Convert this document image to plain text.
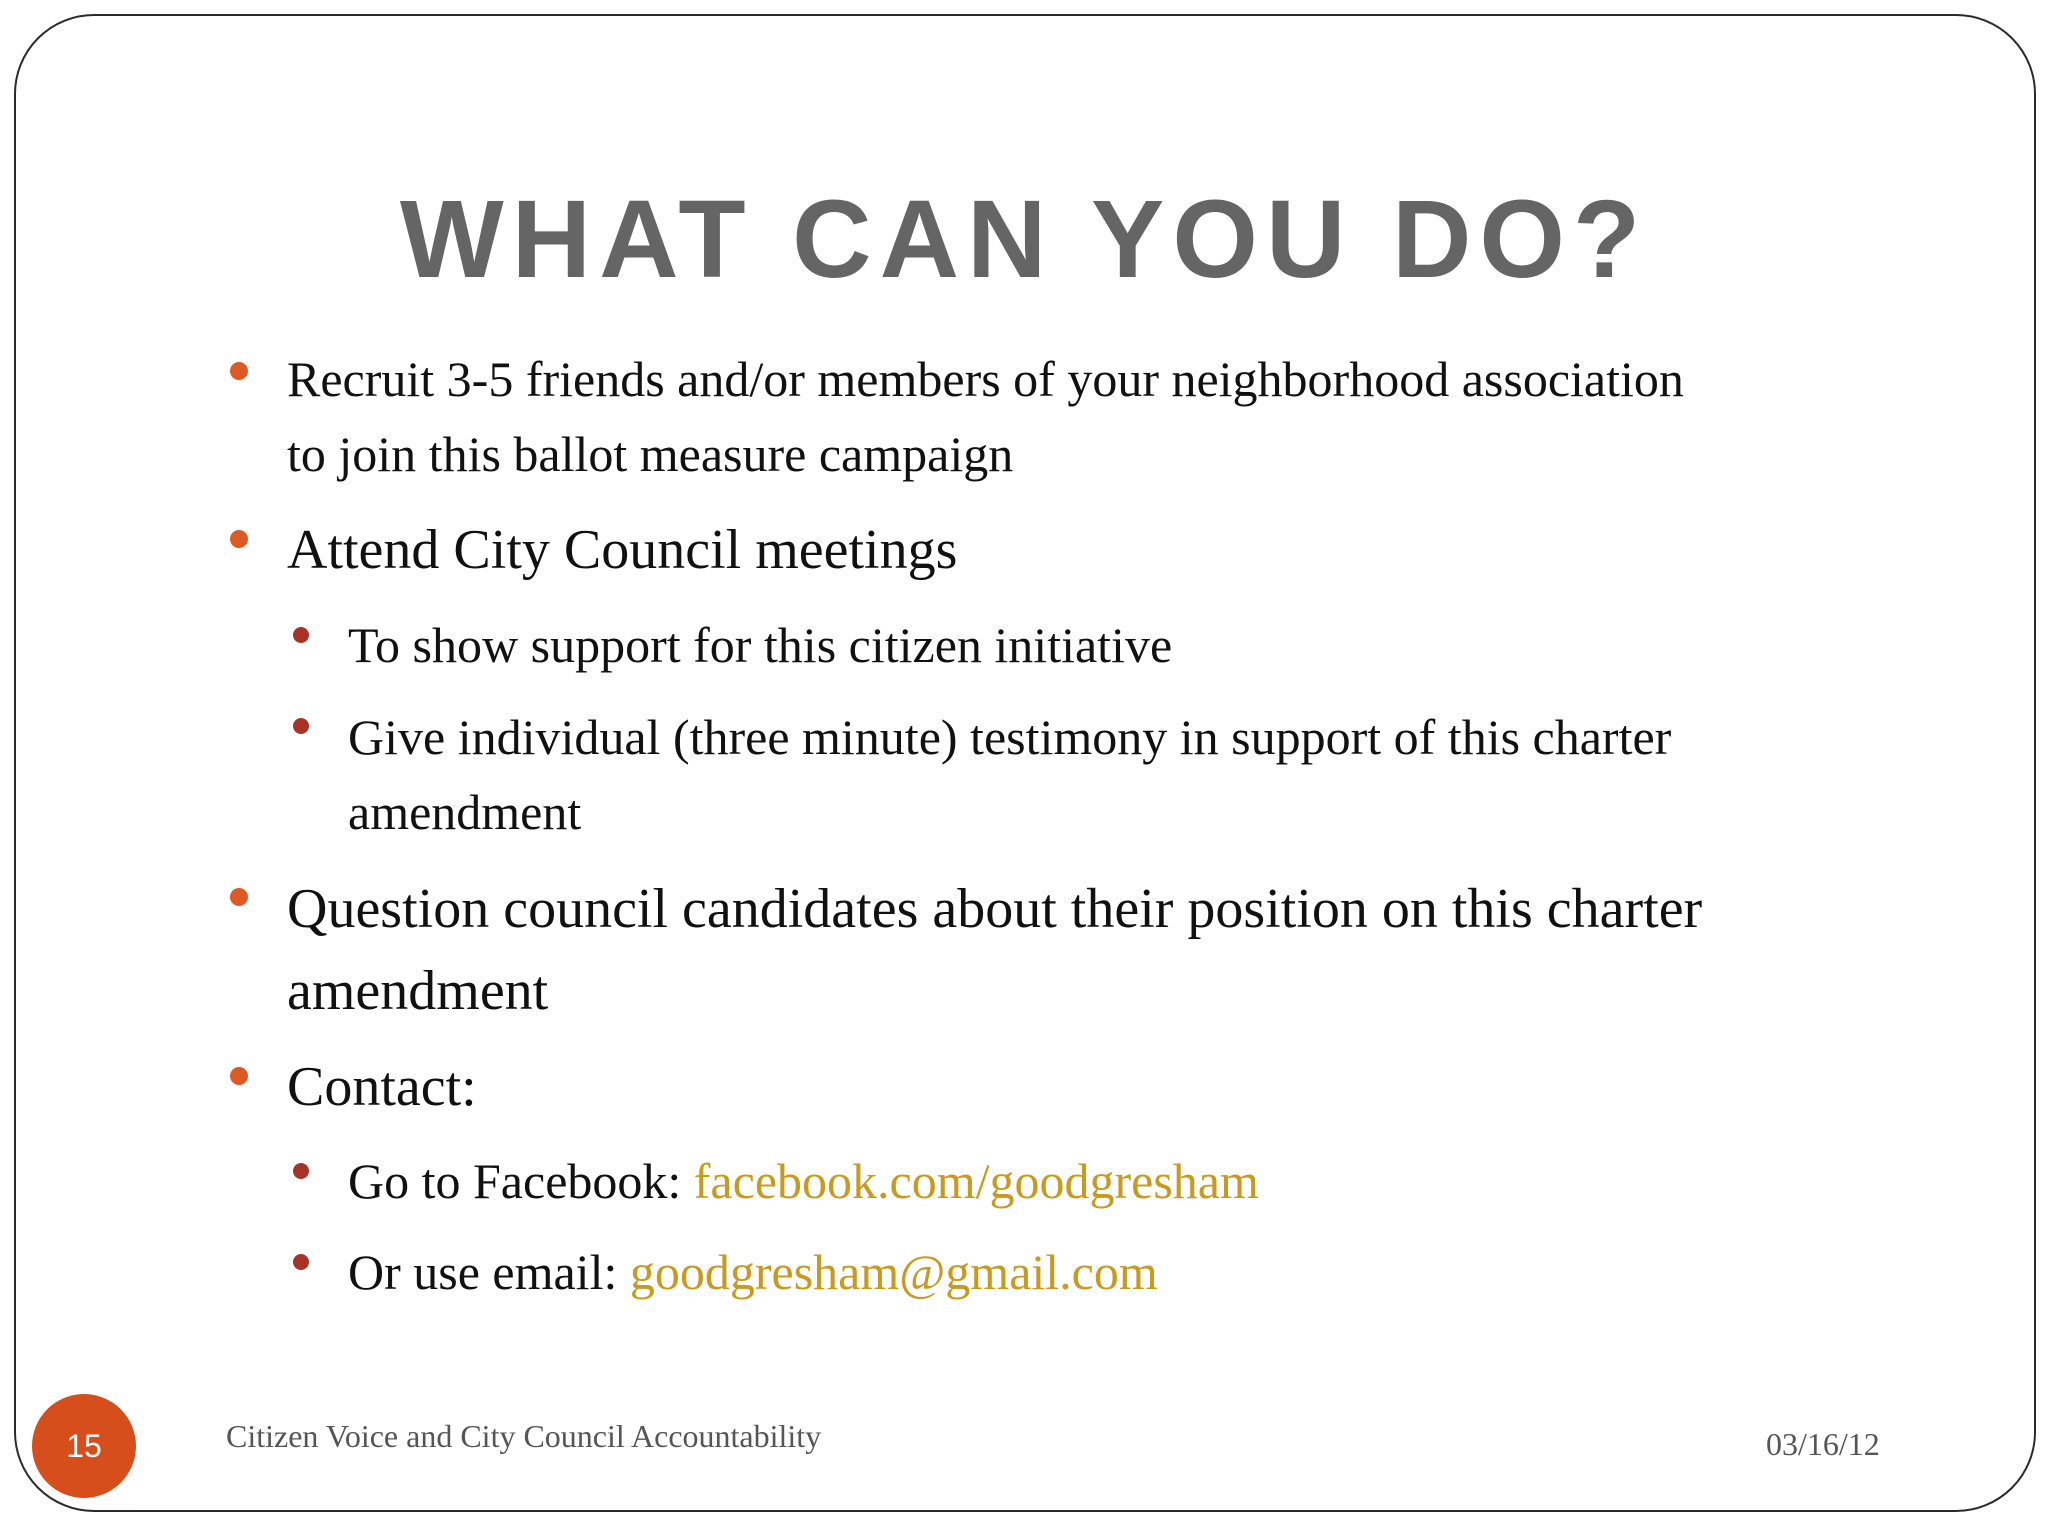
WHAT CAN YOU DO?
Recruit 3-5 friends and/or members of your neighborhood association
to join this ballot measure campaign
Attend City Council meetings
To show support for this citizen initiative
Give individual (three minute) testimony in support of this charter
amendment
Question council candidates about their position on this charter
amendment
Contact:
Go to Facebook: facebook.com/goodgresham
Or use email: goodgresham@gmail.com
15	Citizen Voice and City Council Accountability	03/16/12
